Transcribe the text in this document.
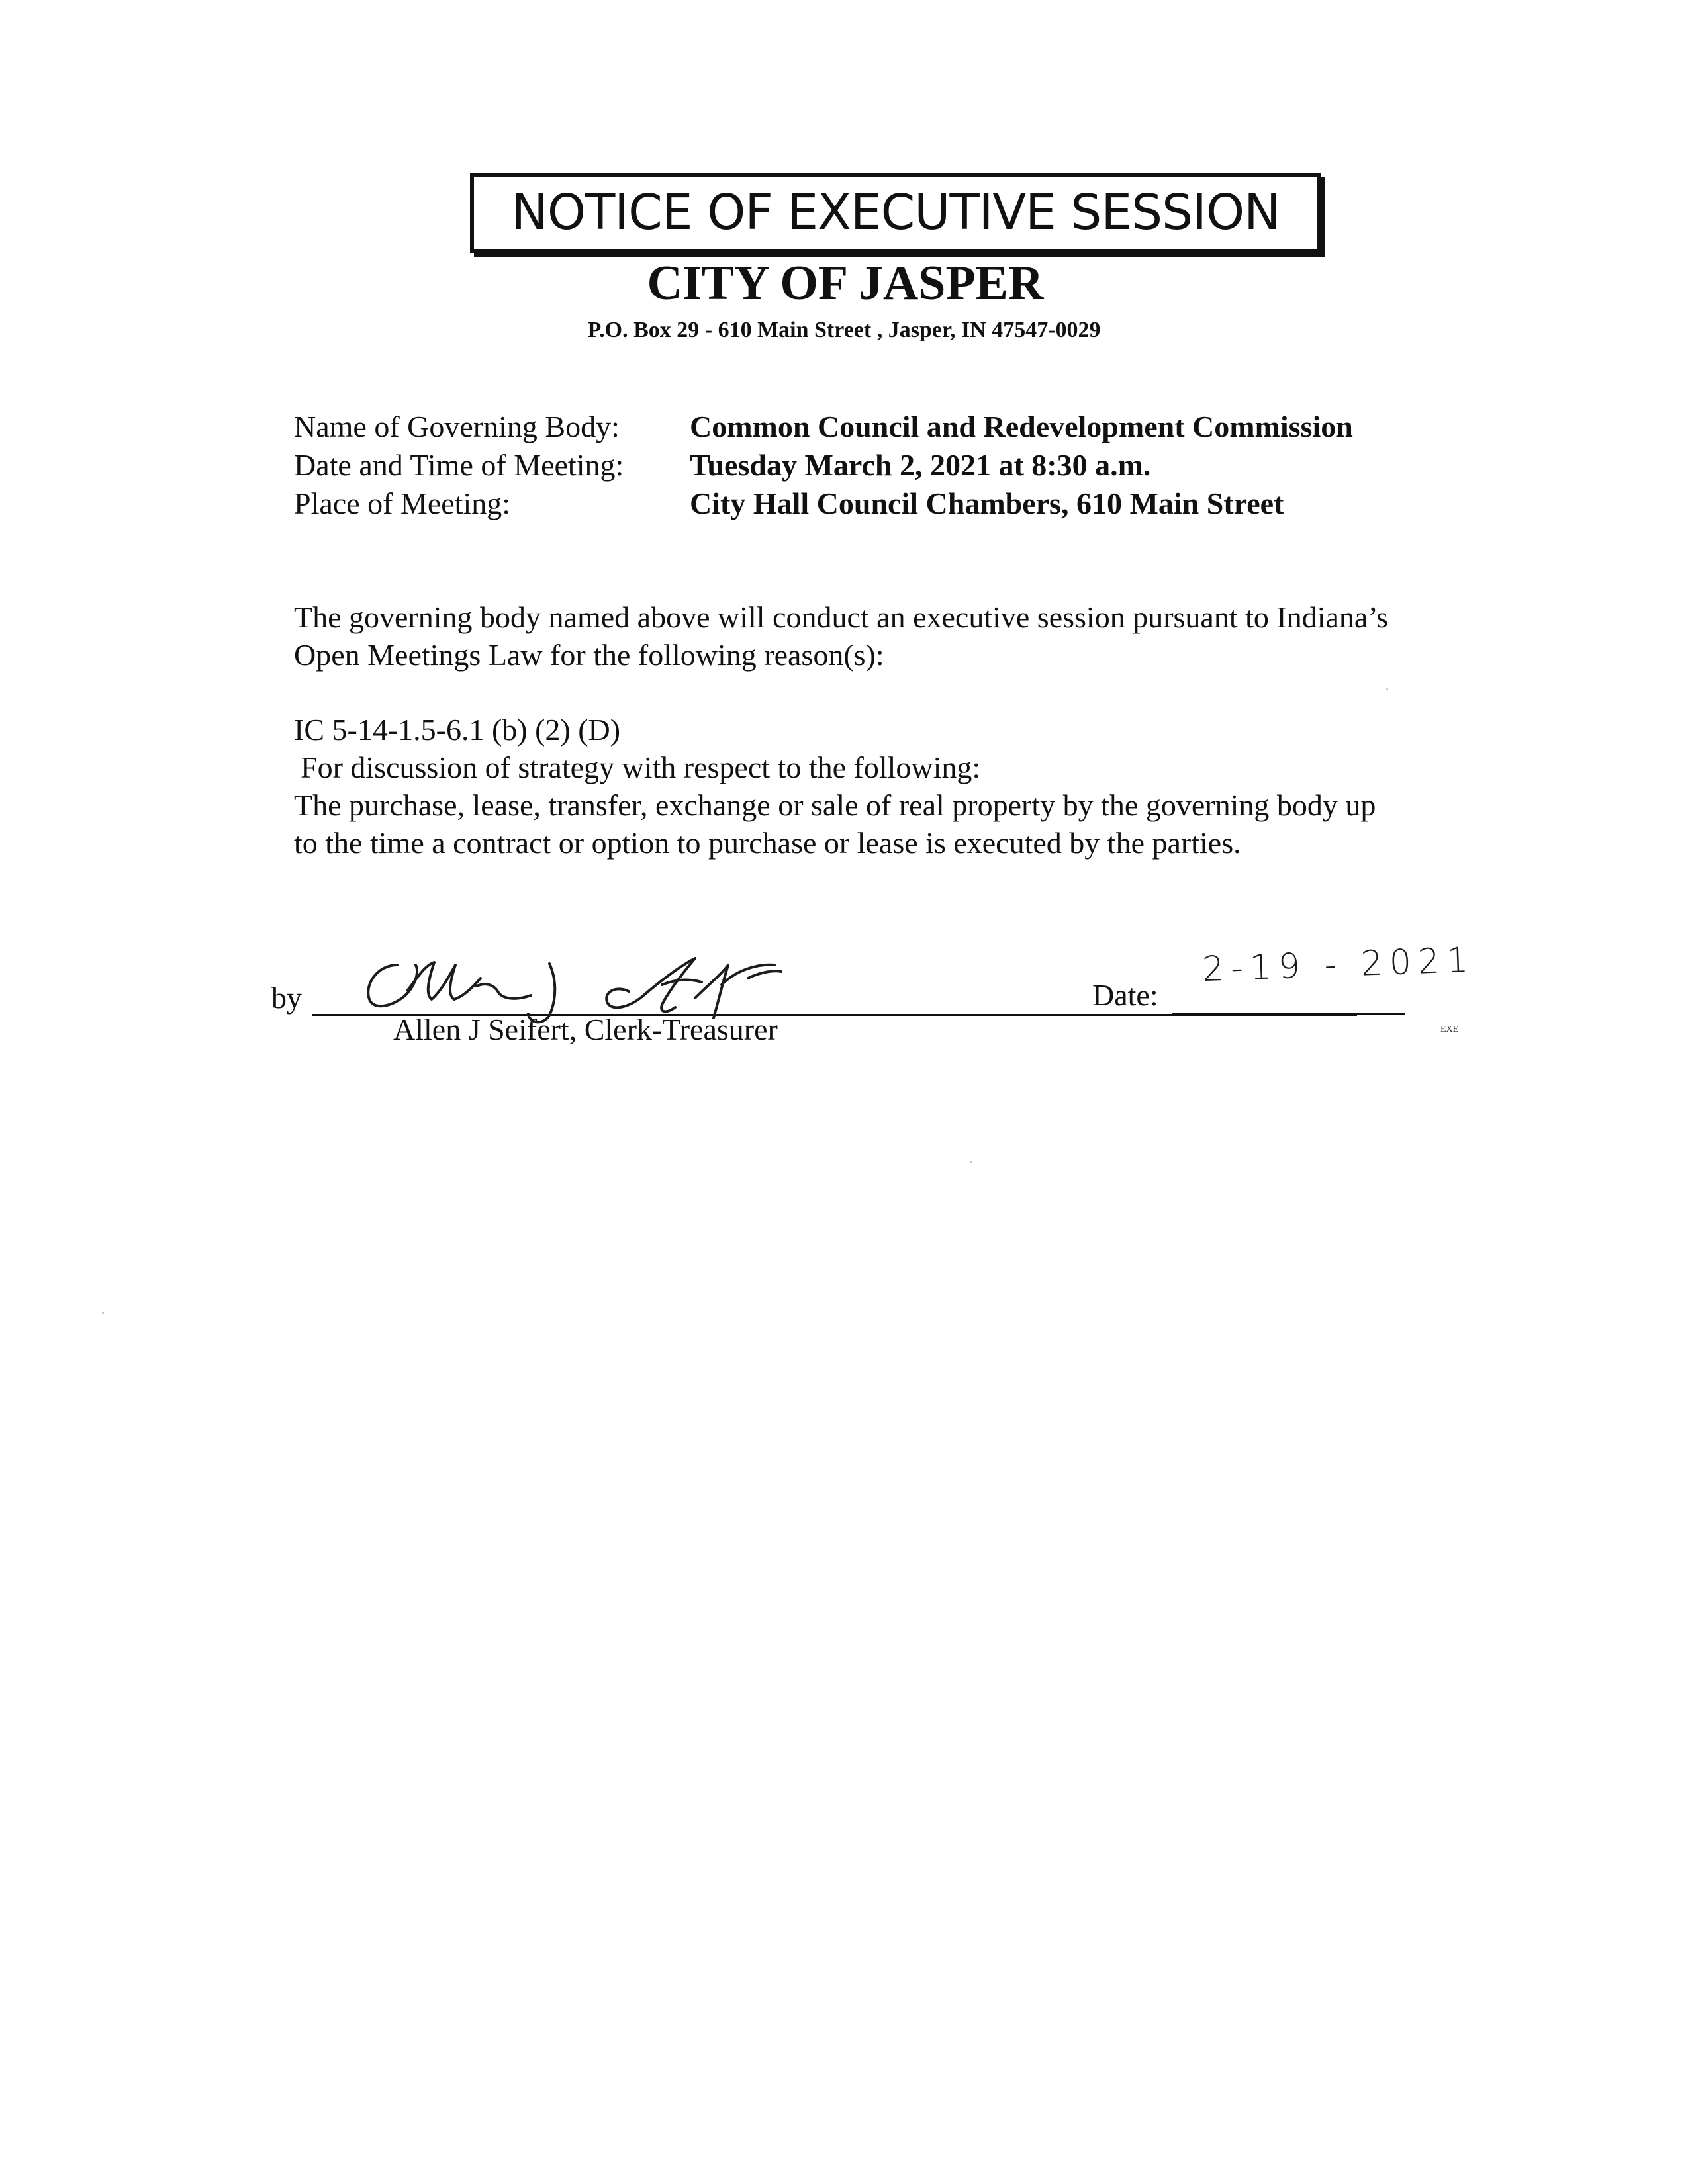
NOTICE OF EXECUTIVE SESSION
CITY OF JASPER
P.O. Box 29 - 610 Main Street , Jasper, IN 47547-0029
Name of Governing Body:	Common Council and Redevelopment Commission
Date and Time of Meeting:	Tuesday March 2, 2021 at 8:30 a.m.
Place of Meeting:	City Hall Council Chambers, 610 Main Street

The governing body named above will conduct an executive session pursuant to Indiana’s

Open Meetings Law for the following reason(s):

IC 5-14-1.5-6.1 (b) (2) (D)

For discussion of strategy with respect to the following:

The purchase, lease, transfer, exchange or sale of real property by the governing body up

to the time a contract or option to purchase or lease is executed by the parties.

by
Allen J Seifert, Clerk-Treasurer
Date:
2-19 - 2021
EXE
